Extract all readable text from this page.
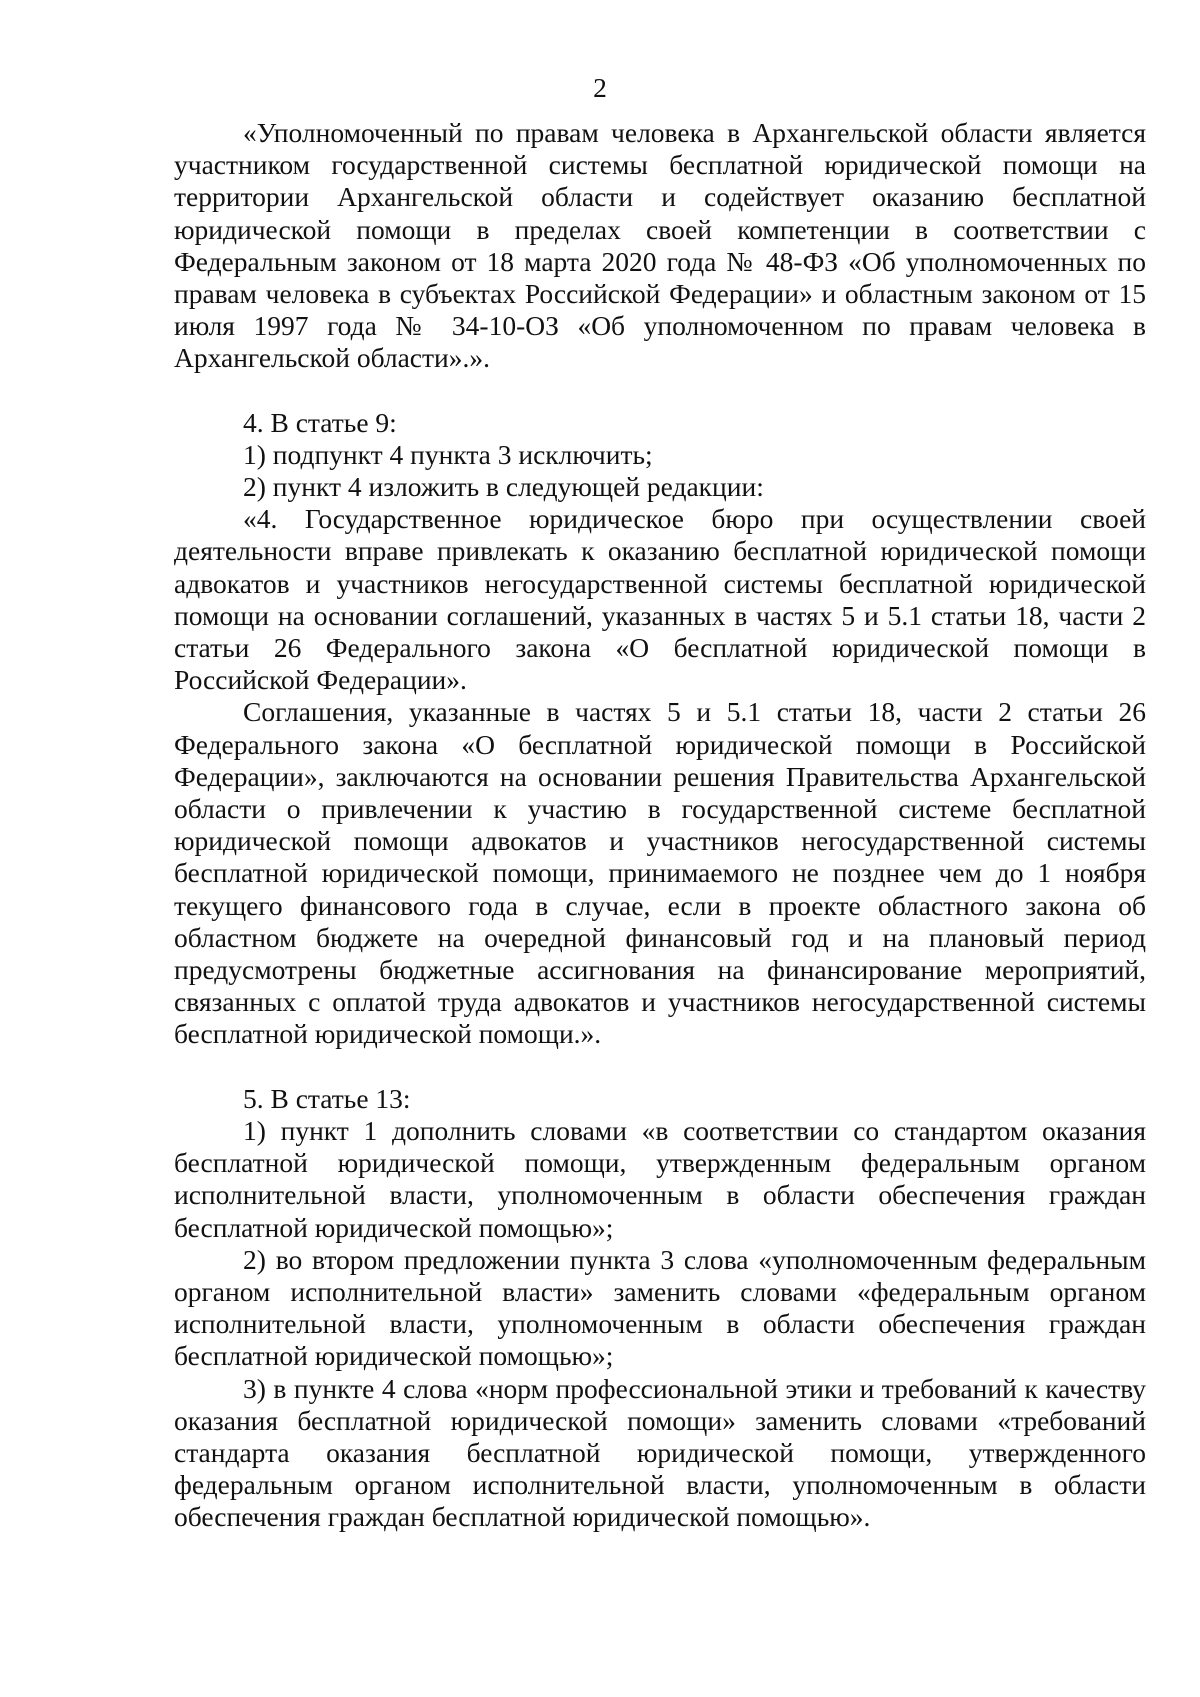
2

«Уполномоченный по правам человека в Архангельской области является участником государственной системы бесплатной юридической помощи на территории Архангельской области и содействует оказанию бесплатной юридической помощи в пределах своей компетенции в соответствии с Федеральным законом от 18 марта 2020 года № 48-ФЗ «Об уполномоченных по правам человека в субъектах Российской Федерации» и областным законом от 15 июля 1997 года № 34-10-ОЗ «Об уполномоченном по правам человека в Архангельской области».».

4. В статье 9:

1) подпункт 4 пункта 3 исключить;

2) пункт 4 изложить в следующей редакции:

«4. Государственное юридическое бюро при осуществлении своей деятельности вправе привлекать к оказанию бесплатной юридической помощи адвокатов и участников негосударственной системы бесплатной юридической помощи на основании соглашений, указанных в частях 5 и 5.1 статьи 18, части 2 статьи 26 Федерального закона «О бесплатной юридической помощи в Российской Федерации».

Соглашения, указанные в частях 5 и 5.1 статьи 18, части 2 статьи 26 Федерального закона «О бесплатной юридической помощи в Российской Федерации», заключаются на основании решения Правительства Архангельской области о привлечении к участию в государственной системе бесплатной юридической помощи адвокатов и участников негосударственной системы бесплатной юридической помощи, принимаемого не позднее чем до 1 ноября текущего финансового года в случае, если в проекте областного закона об областном бюджете на очередной финансовый год и на плановый период предусмотрены бюджетные ассигнования на финансирование мероприятий, связанных с оплатой труда адвокатов и участников негосударственной системы бесплатной юридической помощи.».

5. В статье 13:

1) пункт 1 дополнить словами «в соответствии со стандартом оказания бесплатной юридической помощи, утвержденным федеральным органом исполнительной власти, уполномоченным в области обеспечения граждан бесплатной юридической помощью»;

2) во втором предложении пункта 3 слова «уполномоченным федеральным органом исполнительной власти» заменить словами «федеральным органом исполнительной власти, уполномоченным в области обеспечения граждан бесплатной юридической помощью»;

3) в пункте 4 слова «норм профессиональной этики и требований к качеству оказания бесплатной юридической помощи» заменить словами «требований стандарта оказания бесплатной юридической помощи, утвержденного федеральным органом исполнительной власти, уполномоченным в области обеспечения граждан бесплатной юридической помощью».
